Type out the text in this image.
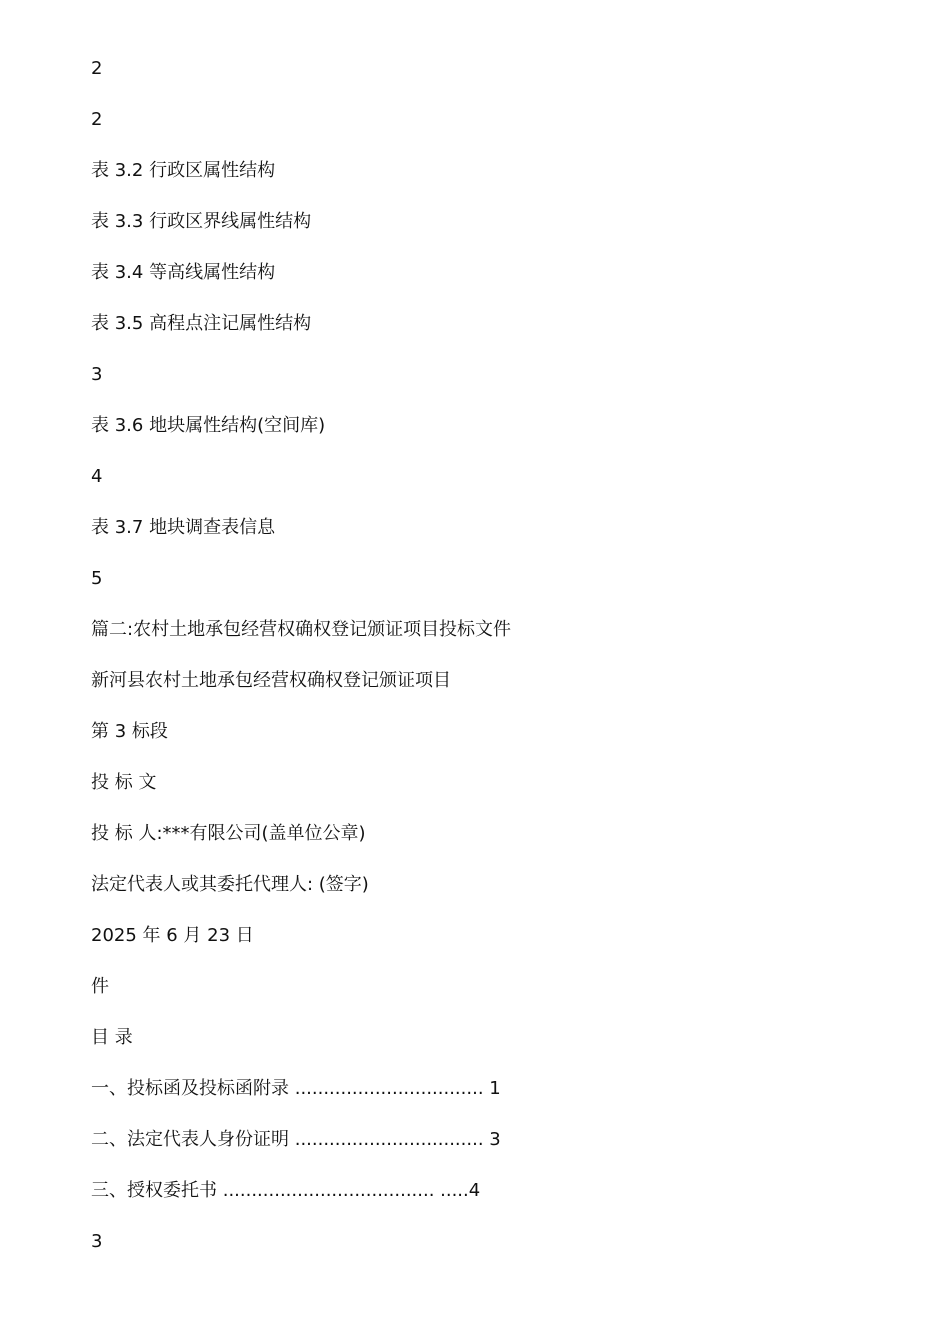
2
2
表 3.2 行政区属性结构
表 3.3 行政区界线属性结构
表 3.4 等高线属性结构
表 3.5 高程点注记属性结构
3
表 3.6 地块属性结构(空间库)
4
表 3.7 地块调查表信息
5
篇二:农村土地承包经营权确权登记颁证项目投标文件
新河县农村土地承包经营权确权登记颁证项目
第 3 标段
投 标 文
投 标 人:***有限公司(盖单位公章)
法定代表人或其委托代理人: (签字)
2025 年 6 月 23 日
件
目 录
一、投标函及投标函附录 ................................. 1
二、法定代表人身份证明 ................................. 3
三、授权委托书 ..................................... .....4
3
